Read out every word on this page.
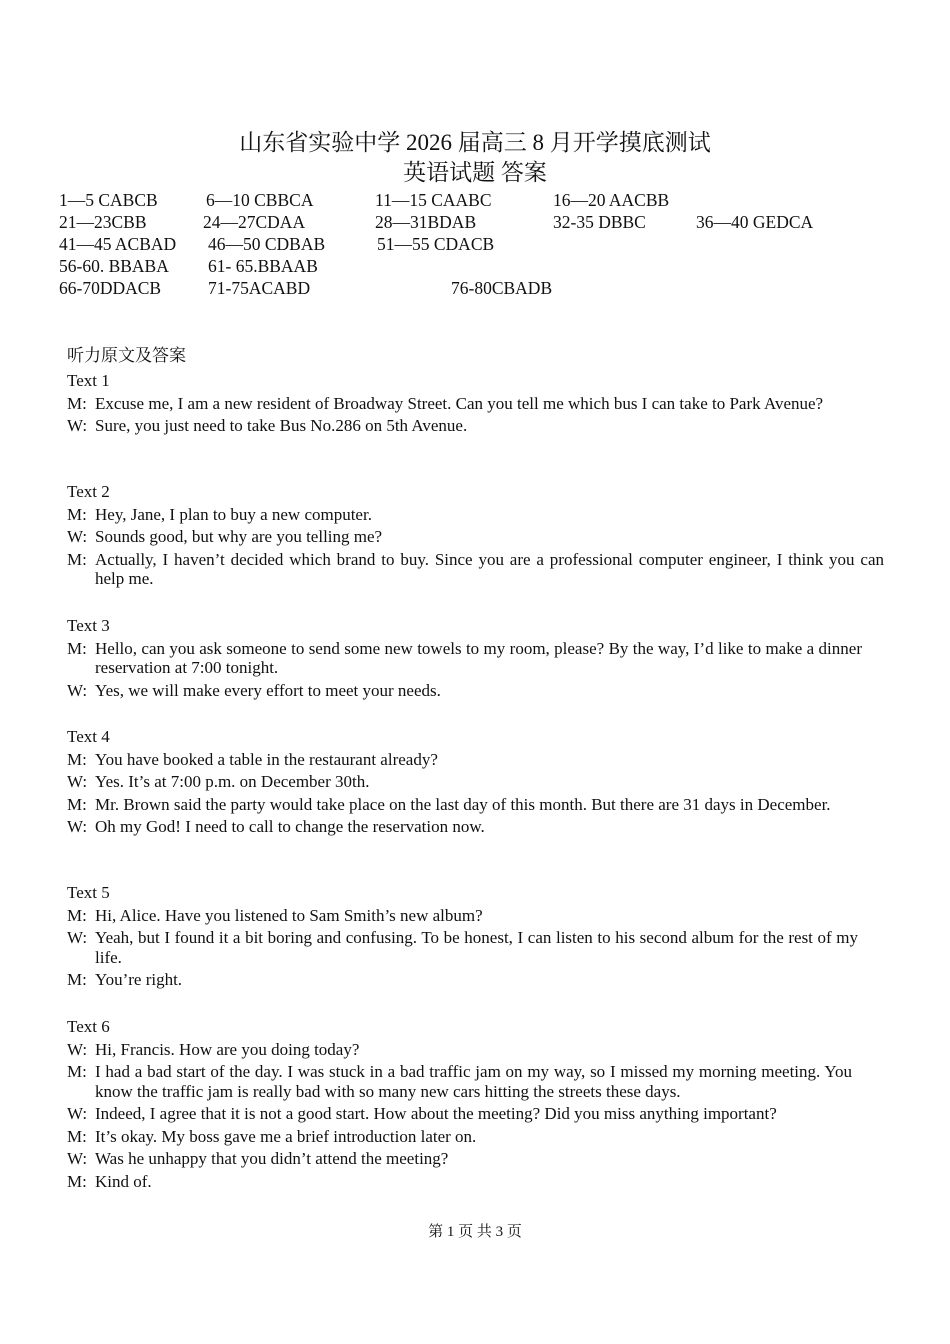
山东省实验中学 2026 届高三 8 月开学摸底测试
英语试题 答案
1—5 CABCB	6—10 CBBCA	11—15 CAABC	16—20 AACBB
21—23CBB	24—27CDAA	28—31BDAB	32-35 DBBC	36—40 GEDCA
41—45 ACBAD 46—50 CDBAB	51—55 CDACB
56-60. BBABA 61- 65.BBAAB
66-70DDACB	71-75ACABD	76-80CBADB
听力原文及答案
Text 1
M: Excuse me, I am a new resident of Broadway Street. Can you tell me which bus I can take to Park Avenue?
W: Sure, you just need to take Bus No.286 on 5th Avenue.
Text 2
M: Hey, Jane, I plan to buy a new computer.
W: Sounds good, but why are you telling me?
M: Actually, I haven’t decided which brand to buy. Since you are a professional computer engineer, I think you can help me.
Text 3
M: Hello, can you ask someone to send some new towels to my room, please? By the way, I’d like to make a dinner reservation at 7:00 tonight.
W: Yes, we will make every effort to meet your needs.
Text 4
M: You have booked a table in the restaurant already?
W: Yes. It’s at 7:00 p.m. on December 30th.
M: Mr. Brown said the party would take place on the last day of this month. But there are 31 days in December.
W: Oh my God! I need to call to change the reservation now.
Text 5
M: Hi, Alice. Have you listened to Sam Smith’s new album?
W: Yeah, but I found it a bit boring and confusing. To be honest, I can listen to his second album for the rest of my life.
M: You’re right.
Text 6
W: Hi, Francis. How are you doing today?
M: I had a bad start of the day. I was stuck in a bad traffic jam on my way, so I missed my morning meeting. You know the traffic jam is really bad with so many new cars hitting the streets these days.
W: Indeed, I agree that it is not a good start. How about the meeting? Did you miss anything important?
M: It’s okay. My boss gave me a brief introduction later on.
W: Was he unhappy that you didn’t attend the meeting?
M: Kind of.
第 1 页 共 3 页
